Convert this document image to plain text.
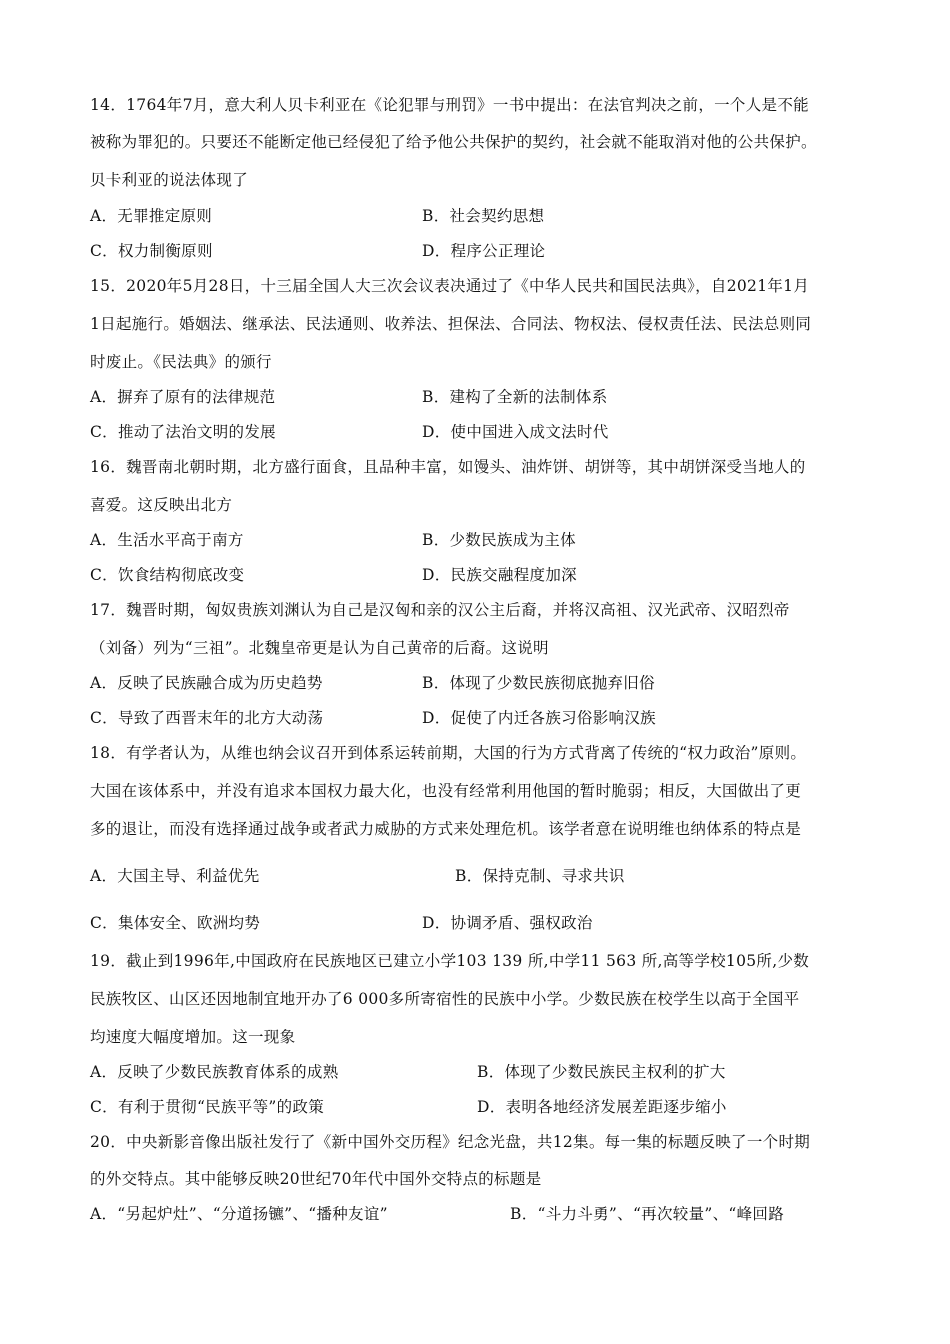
14．1764年7月，意大利人贝卡利亚在《论犯罪与刑罚》一书中提出：在法官判决之前，一个人是不能
被称为罪犯的。只要还不能断定他已经侵犯了给予他公共保护的契约，社会就不能取消对他的公共保护。
贝卡利亚的说法体现了
A．无罪推定原则	B．社会契约思想
C．权力制衡原则	D．程序公正理论
15．2020年5月28日，十三届全国人大三次会议表决通过了《中华人民共和国民法典》，自2021年1月
1日起施行。婚姻法、继承法、民法通则、收养法、担保法、合同法、物权法、侵权责任法、民法总则同
时废止。《民法典》的颁行
A．摒弃了原有的法律规范	B．建构了全新的法制体系
C．推动了法治文明的发展	D．使中国进入成文法时代
16．魏晋南北朝时期，北方盛行面食，且品种丰富，如馒头、油炸饼、胡饼等，其中胡饼深受当地人的
喜爱。这反映出北方
A．生活水平高于南方	B．少数民族成为主体
C．饮食结构彻底改变	D．民族交融程度加深
17．魏晋时期，匈奴贵族刘渊认为自己是汉匈和亲的汉公主后裔，并将汉高祖、汉光武帝、汉昭烈帝
（刘备）列为“三祖”。北魏皇帝更是认为自己黄帝的后裔。这说明
A．反映了民族融合成为历史趋势	B．体现了少数民族彻底抛弃旧俗
C．导致了西晋末年的北方大动荡	D．促使了内迁各族习俗影响汉族
18．有学者认为，从维也纳会议召开到体系运转前期，大国的行为方式背离了传统的“权力政治”原则。
大国在该体系中，并没有追求本国权力最大化，也没有经常利用他国的暂时脆弱；相反，大国做出了更
多的退让，而没有选择通过战争或者武力威胁的方式来处理危机。该学者意在说明维也纳体系的特点是
A．大国主导、利益优先	B．保持克制、寻求共识
C．集体安全、欧洲均势	D．协调矛盾、强权政治
19．截止到1996年,中国政府在民族地区已建立小学103 139 所,中学11 563 所,高等学校105所,少数
民族牧区、山区还因地制宜地开办了6 000多所寄宿性的民族中小学。少数民族在校学生以高于全国平
均速度大幅度增加。这一现象
A．反映了少数民族教育体系的成熟	B．体现了少数民族民主权利的扩大
C．有利于贯彻“民族平等”的政策	D．表明各地经济发展差距逐步缩小
20．中央新影音像出版社发行了《新中国外交历程》纪念光盘，共12集。每一集的标题反映了一个时期
的外交特点。其中能够反映20世纪70年代中国外交特点的标题是
A．“另起炉灶”、“分道扬镳”、“播种友谊”	B．“斗力斗勇”、“再次较量”、“峰回路
